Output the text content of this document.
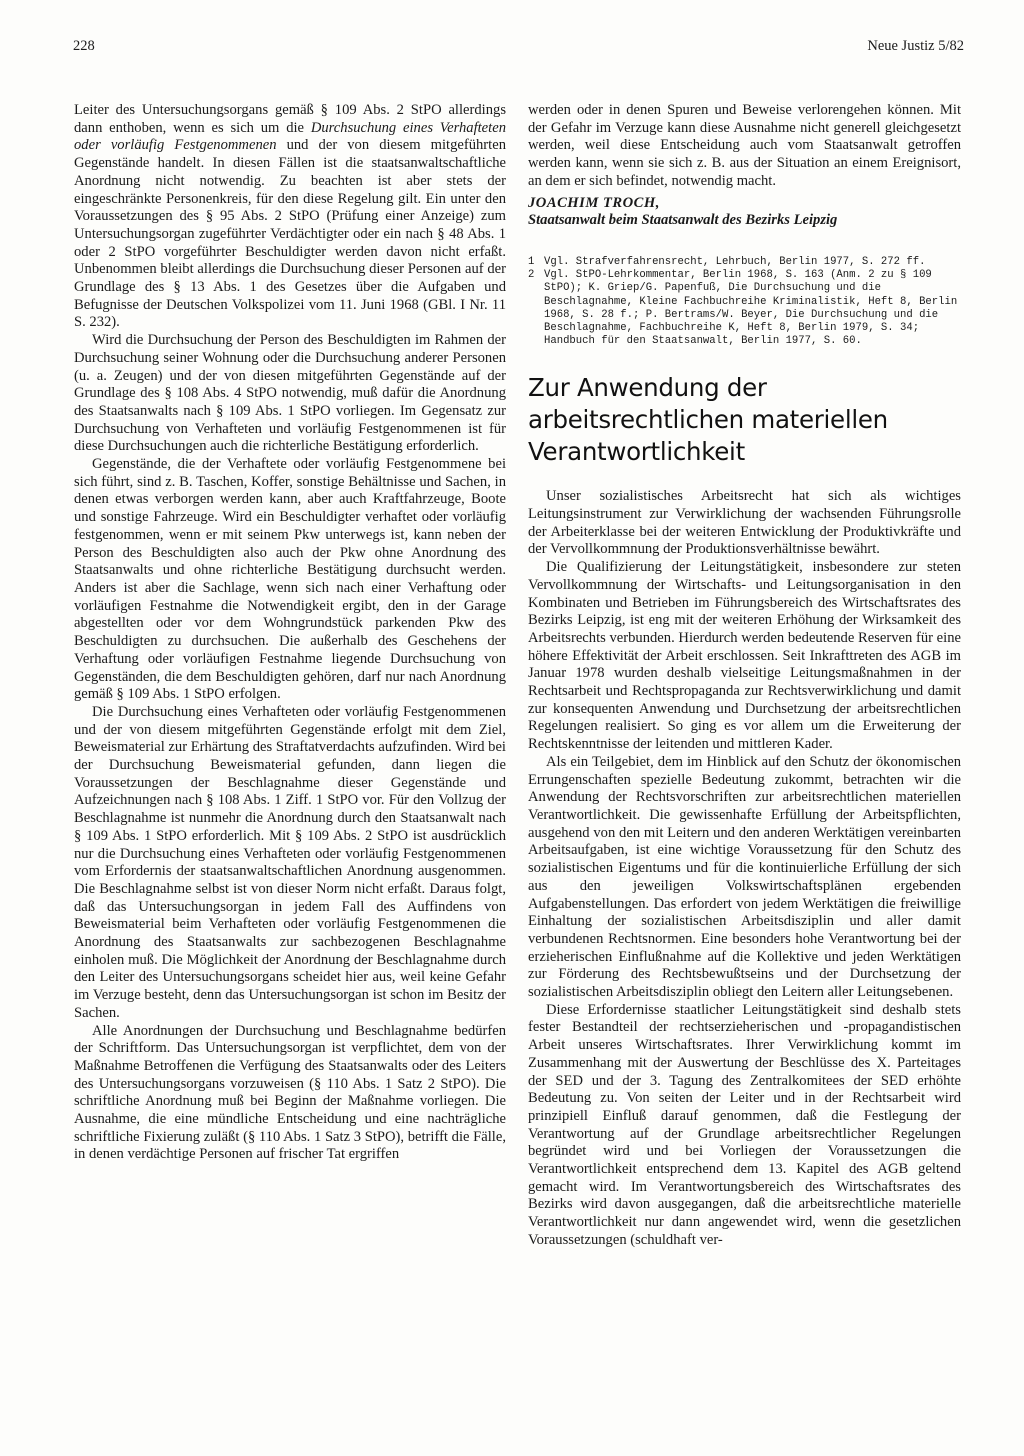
228	Neue Justiz 5/82

Leiter des Untersuchungsorgans gemäß § 109 Abs. 2 StPO allerdings dann enthoben, wenn es sich um die Durchsuchung eines Verhafteten oder vorläufig Festgenommenen und der von diesem mitgeführten Gegenstände handelt. In diesen Fällen ist die staatsanwaltschaftliche Anordnung nicht notwendig. Zu beachten ist aber stets der eingeschränkte Personenkreis, für den diese Regelung gilt. Ein unter den Voraussetzungen des § 95 Abs. 2 StPO (Prüfung einer Anzeige) zum Untersuchungsorgan zugeführter Verdächtigter oder ein nach § 48 Abs. 1 oder 2 StPO vorgeführter Beschuldigter werden davon nicht erfaßt. Unbenommen bleibt allerdings die Durchsuchung dieser Personen auf der Grundlage des § 13 Abs. 1 des Gesetzes über die Aufgaben und Befugnisse der Deutschen Volkspolizei vom 11. Juni 1968 (GBl. I Nr. 11 S. 232).

Wird die Durchsuchung der Person des Beschuldigten im Rahmen der Durchsuchung seiner Wohnung oder die Durchsuchung anderer Personen (u. a. Zeugen) und der von diesen mitgeführten Gegenstände auf der Grundlage des § 108 Abs. 4 StPO notwendig, muß dafür die Anordnung des Staatsanwalts nach § 109 Abs. 1 StPO vorliegen. Im Gegensatz zur Durchsuchung von Verhafteten und vorläufig Festgenommenen ist für diese Durchsuchungen auch die richterliche Bestätigung erforderlich.

Gegenstände, die der Verhaftete oder vorläufig Festgenommene bei sich führt, sind z. B. Taschen, Koffer, sonstige Behältnisse und Sachen, in denen etwas verborgen werden kann, aber auch Kraftfahrzeuge, Boote und sonstige Fahrzeuge. Wird ein Beschuldigter verhaftet oder vorläufig festgenommen, wenn er mit seinem Pkw unterwegs ist, kann neben der Person des Beschuldigten also auch der Pkw ohne Anordnung des Staatsanwalts und ohne richterliche Bestätigung durchsucht werden. Anders ist aber die Sachlage, wenn sich nach einer Verhaftung oder vorläufigen Festnahme die Notwendigkeit ergibt, den in der Garage abgestellten oder vor dem Wohngrundstück parkenden Pkw des Beschuldigten zu durchsuchen. Die außerhalb des Geschehens der Verhaftung oder vorläufigen Festnahme liegende Durchsuchung von Gegenständen, die dem Beschuldigten gehören, darf nur nach Anordnung gemäß § 109 Abs. 1 StPO erfolgen.

Die Durchsuchung eines Verhafteten oder vorläufig Festgenommenen und der von diesem mitgeführten Gegenstände erfolgt mit dem Ziel, Beweismaterial zur Erhärtung des Straftatverdachts aufzufinden. Wird bei der Durchsuchung Beweismaterial gefunden, dann liegen die Voraussetzungen der Beschlagnahme dieser Gegenstände und Aufzeichnungen nach § 108 Abs. 1 Ziff. 1 StPO vor. Für den Vollzug der Beschlagnahme ist nunmehr die Anordnung durch den Staatsanwalt nach § 109 Abs. 1 StPO erforderlich. Mit § 109 Abs. 2 StPO ist ausdrücklich nur die Durchsuchung eines Verhafteten oder vorläufig Festgenommenen vom Erfordernis der staatsanwaltschaftlichen Anordnung ausgenommen. Die Beschlagnahme selbst ist von dieser Norm nicht erfaßt. Daraus folgt, daß das Untersuchungsorgan in jedem Fall des Auffindens von Beweismaterial beim Verhafteten oder vorläufig Festgenommenen die Anordnung des Staatsanwalts zur sachbezogenen Beschlagnahme einholen muß. Die Möglichkeit der Anordnung der Beschlagnahme durch den Leiter des Untersuchungsorgans scheidet hier aus, weil keine Gefahr im Verzuge besteht, denn das Untersuchungsorgan ist schon im Besitz der Sachen.

Alle Anordnungen der Durchsuchung und Beschlagnahme bedürfen der Schriftform. Das Untersuchungsorgan ist verpflichtet, dem von der Maßnahme Betroffenen die Verfügung des Staatsanwalts oder des Leiters des Untersuchungsorgans vorzuweisen (§ 110 Abs. 1 Satz 2 StPO). Die schriftliche Anordnung muß bei Beginn der Maßnahme vorliegen. Die Ausnahme, die eine mündliche Entscheidung und eine nachträgliche schriftliche Fixierung zuläßt (§ 110 Abs. 1 Satz 3 StPO), betrifft die Fälle, in denen verdächtige Personen auf frischer Tat ergriffen

werden oder in denen Spuren und Beweise verlorengehen können. Mit der Gefahr im Verzuge kann diese Ausnahme nicht generell gleichgesetzt werden, weil diese Entscheidung auch vom Staatsanwalt getroffen werden kann, wenn sie sich z. B. aus der Situation an einem Ereignisort, an dem er sich befindet, notwendig macht.

JOACHIM TROCH,

Staatsanwalt beim Staatsanwalt des Bezirks Leipzig

1 Vgl. Strafverfahrensrecht, Lehrbuch, Berlin 1977, S. 272 ff.
2 Vgl. StPO-Lehrkommentar, Berlin 1968, S. 163 (Anm. 2 zu § 109 StPO); K. Griep/G. Papenfuß, Die Durchsuchung und die Beschlagnahme, Kleine Fachbuchreihe Kriminalistik, Heft 8, Berlin 1968, S. 28 f.; P. Bertrams/W. Beyer, Die Durchsuchung und die Beschlagnahme, Fachbuchreihe K, Heft 8, Berlin 1979, S. 34; Handbuch für den Staatsanwalt, Berlin 1977, S. 60.
Zur Anwendung der arbeitsrechtlichen materiellen Verantwortlichkeit

Unser sozialistisches Arbeitsrecht hat sich als wichtiges Leitungsinstrument zur Verwirklichung der wachsenden Führungsrolle der Arbeiterklasse bei der weiteren Entwicklung der Produktivkräfte und der Vervollkommnung der Produktionsverhältnisse bewährt.

Die Qualifizierung der Leitungstätigkeit, insbesondere zur steten Vervollkommnung der Wirtschafts- und Leitungsorganisation in den Kombinaten und Betrieben im Führungsbereich des Wirtschaftsrates des Bezirks Leipzig, ist eng mit der weiteren Erhöhung der Wirksamkeit des Arbeitsrechts verbunden. Hierdurch werden bedeutende Reserven für eine höhere Effektivität der Arbeit erschlossen. Seit Inkrafttreten des AGB im Januar 1978 wurden deshalb vielseitige Leitungsmaßnahmen in der Rechtsarbeit und Rechtspropaganda zur Rechtsverwirklichung und damit zur konsequenten Anwendung und Durchsetzung der arbeitsrechtlichen Regelungen realisiert. So ging es vor allem um die Erweiterung der Rechtskenntnisse der leitenden und mittleren Kader.

Als ein Teilgebiet, dem im Hinblick auf den Schutz der ökonomischen Errungenschaften spezielle Bedeutung zukommt, betrachten wir die Anwendung der Rechtsvorschriften zur arbeitsrechtlichen materiellen Verantwortlichkeit. Die gewissenhafte Erfüllung der Arbeitspflichten, ausgehend von den mit Leitern und den anderen Werktätigen vereinbarten Arbeitsaufgaben, ist eine wichtige Voraussetzung für den Schutz des sozialistischen Eigentums und für die kontinuierliche Erfüllung der sich aus den jeweiligen Volkswirtschaftsplänen ergebenden Aufgabenstellungen. Das erfordert von jedem Werktätigen die freiwillige Einhaltung der sozialistischen Arbeitsdisziplin und aller damit verbundenen Rechtsnormen. Eine besonders hohe Verantwortung bei der erzieherischen Einflußnahme auf die Kollektive und jeden Werktätigen zur Förderung des Rechtsbewußtseins und der Durchsetzung der sozialistischen Arbeitsdisziplin obliegt den Leitern aller Leitungsebenen.

Diese Erfordernisse staatlicher Leitungstätigkeit sind deshalb stets fester Bestandteil der rechtserzieherischen und -propagandistischen Arbeit unseres Wirtschaftsrates. Ihrer Verwirklichung kommt im Zusammenhang mit der Auswertung der Beschlüsse des X. Parteitages der SED und der 3. Tagung des Zentralkomitees der SED erhöhte Bedeutung zu. Von seiten der Leiter und in der Rechtsarbeit wird prinzipiell Einfluß darauf genommen, daß die Festlegung der Verantwortung auf der Grundlage arbeitsrechtlicher Regelungen begründet wird und bei Vorliegen der Voraussetzungen die Verantwortlichkeit entsprechend dem 13. Kapitel des AGB geltend gemacht wird. Im Verantwortungsbereich des Wirtschaftsrates des Bezirks wird davon ausgegangen, daß die arbeitsrechtliche materielle Verantwortlichkeit nur dann angewendet wird, wenn die gesetzlichen Voraussetzungen (schuldhaft ver-
